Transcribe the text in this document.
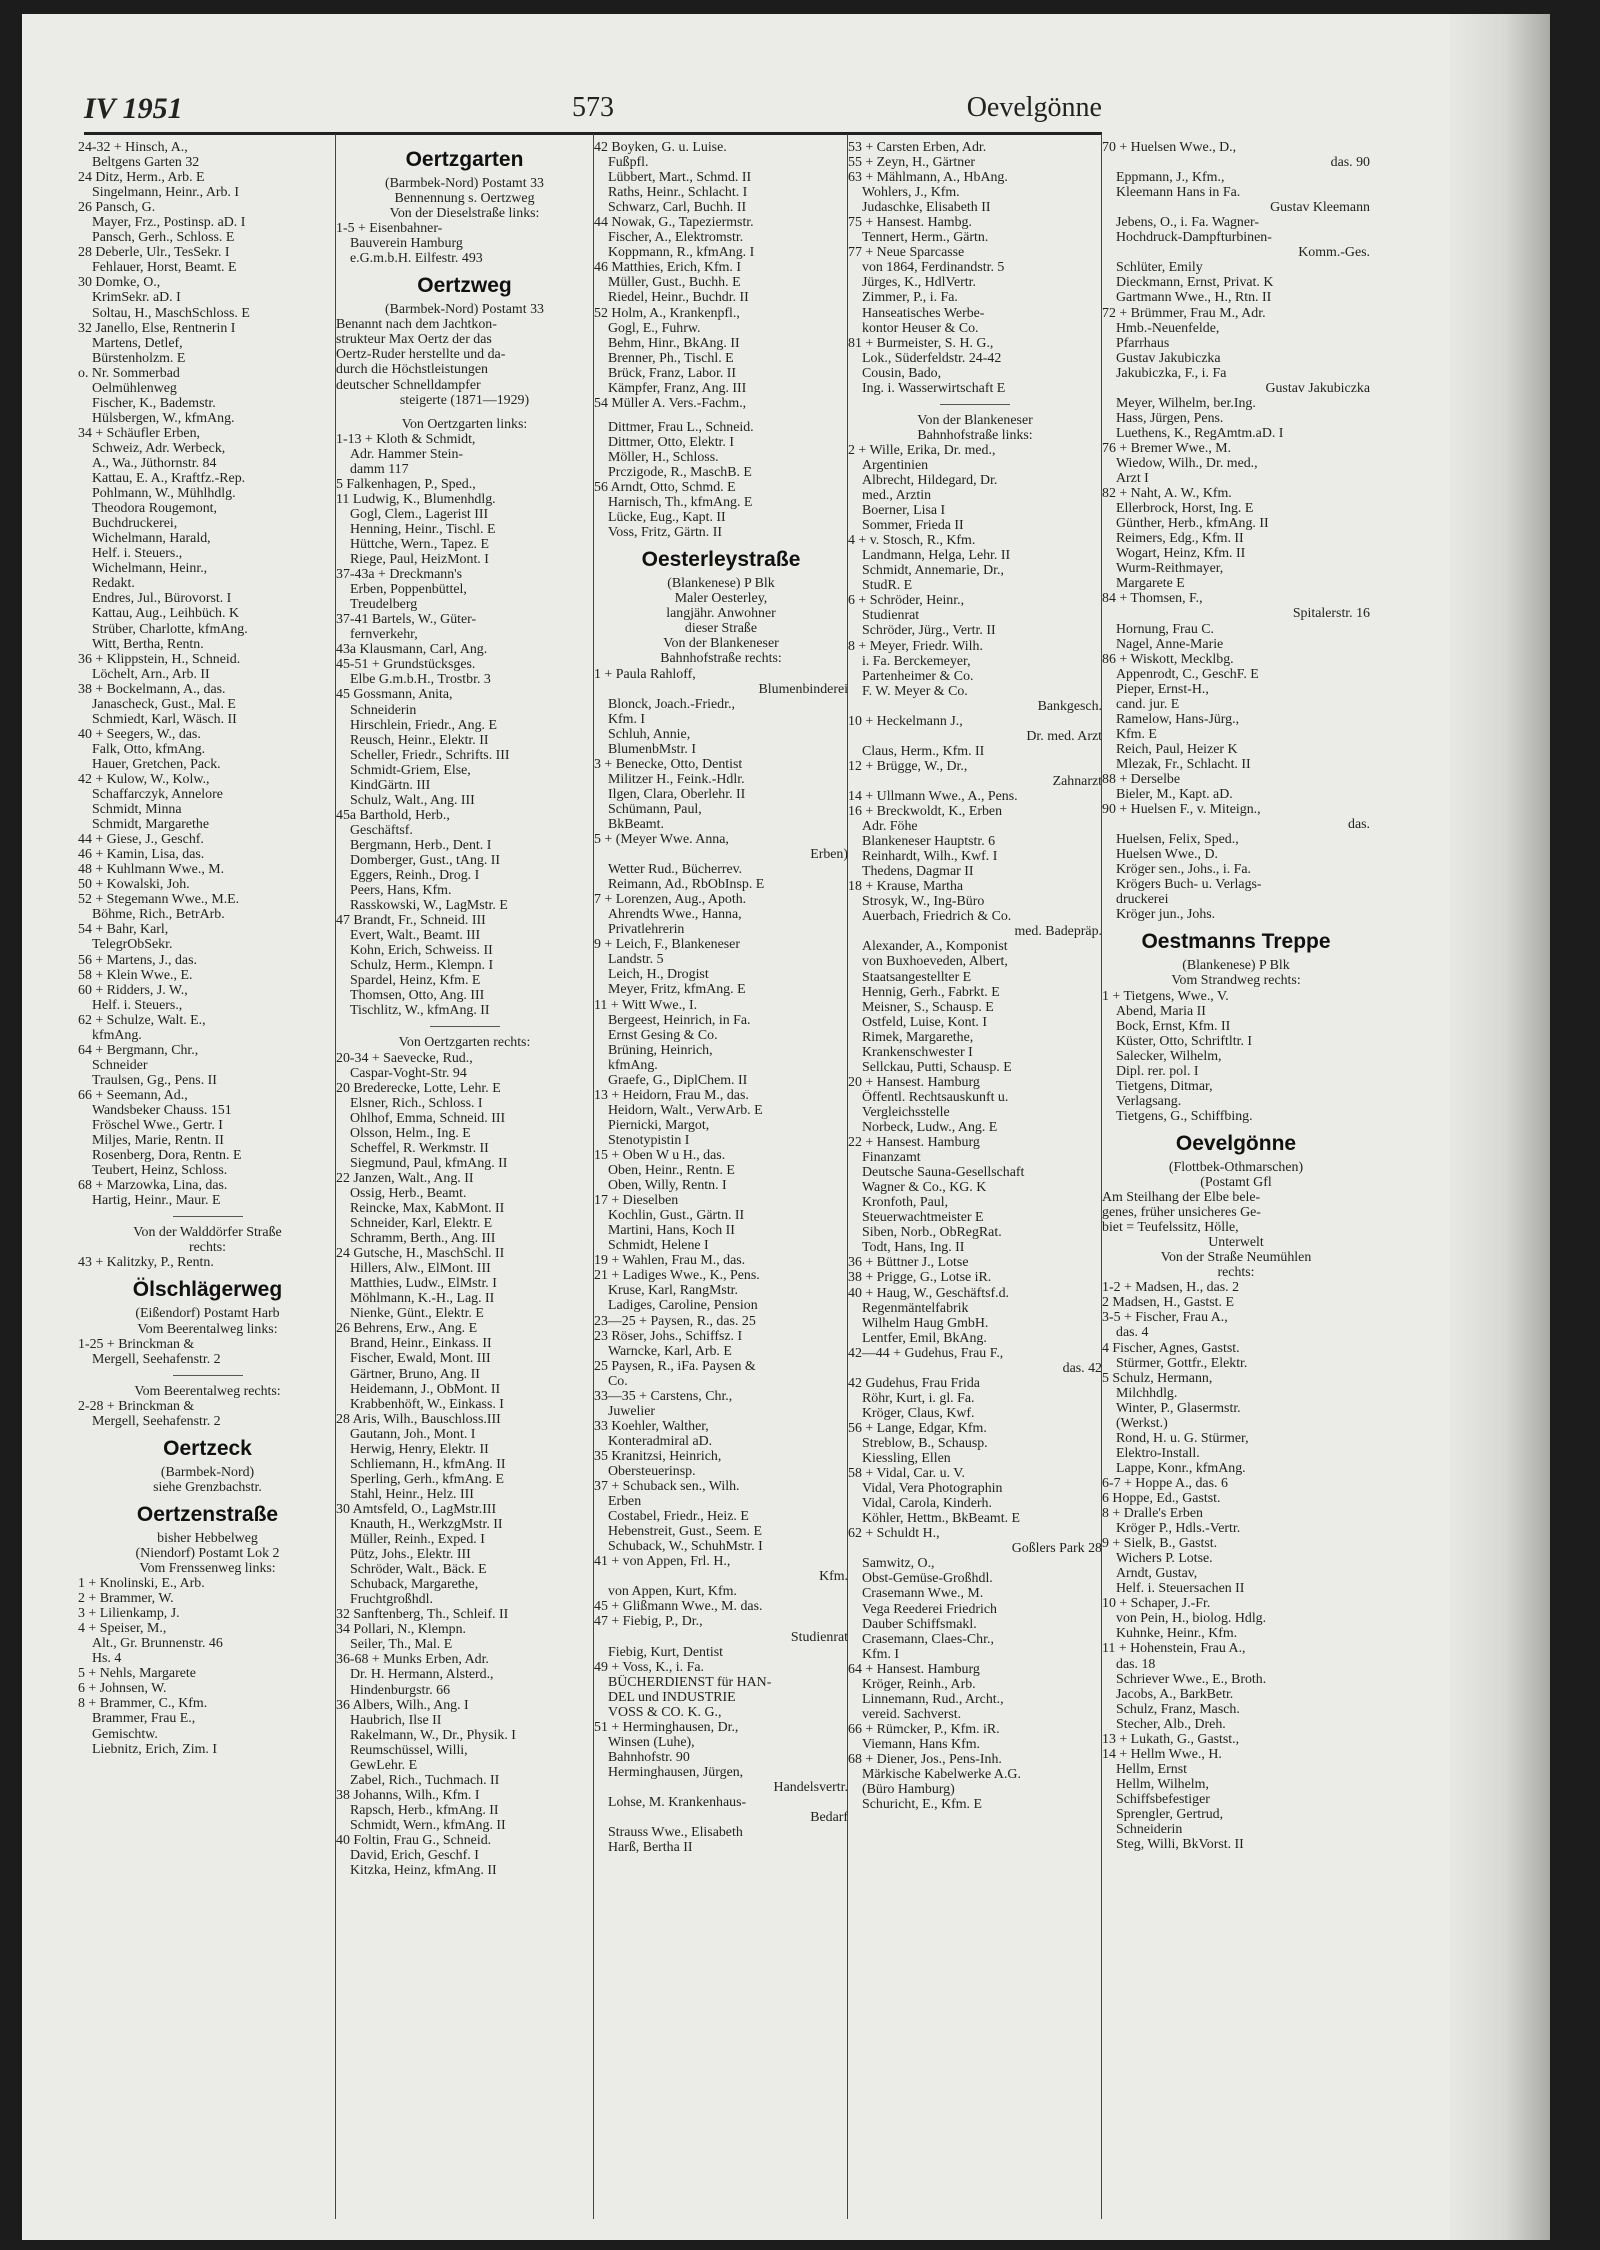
IV 1951	573	Oevelgönne

24-32 + Hinsch, A.,

Beltgens Garten 32

24 Ditz, Herm., Arb. E

Singelmann, Heinr., Arb. I

26 Pansch, G.

Mayer, Frz., Postinsp. aD. I

Pansch, Gerh., Schloss. E

28 Deberle, Ulr., TesSekr. I

Fehlauer, Horst, Beamt. E

30 Domke, O.,

KrimSekr. aD. I

Soltau, H., MaschSchloss. E

32 Janello, Else, Rentnerin I

Martens, Detlef,

Bürstenholzm. E

o. Nr. Sommerbad

Oelmühlenweg

Fischer, K., Bademstr.

Hülsbergen, W., kfmAng.

34 + Schäufler Erben,

Schweiz, Adr. Werbeck,

A., Wa., Jüthornstr. 84

Kattau, E. A., Kraftfz.-Rep.

Pohlmann, W., Mühlhdlg.

Theodora Rougemont,

Buchdruckerei,

Wichelmann, Harald,

Helf. i. Steuers.,

Wichelmann, Heinr.,

Redakt.

Endres, Jul., Bürovorst. I

Kattau, Aug., Leihbüch. K

Strüber, Charlotte, kfmAng.

Witt, Bertha, Rentn.

36 + Klippstein, H., Schneid.

Löchelt, Arn., Arb. II

38 + Bockelmann, A., das.

Janascheck, Gust., Mal. E

Schmiedt, Karl, Wäsch. II

40 + Seegers, W., das.

Falk, Otto, kfmAng.

Hauer, Gretchen, Pack.

42 + Kulow, W., Kolw.,

Schaffarczyk, Annelore

Schmidt, Minna

Schmidt, Margarethe

44 + Giese, J., Geschf.

46 + Kamin, Lisa, das.

48 + Kuhlmann Wwe., M.

50 + Kowalski, Joh.

52 + Stegemann Wwe., M.E.

Böhme, Rich., BetrArb.

54 + Bahr, Karl,

TelegrObSekr.

56 + Martens, J., das.

58 + Klein Wwe., E.

60 + Ridders, J. W.,

Helf. i. Steuers.,

62 + Schulze, Walt. E.,

kfmAng.

64 + Bergmann, Chr.,

Schneider

Traulsen, Gg., Pens. II

66 + Seemann, Ad.,

Wandsbeker Chauss. 151

Fröschel Wwe., Gertr. I

Miljes, Marie, Rentn. II

Rosenberg, Dora, Rentn. E

Teubert, Heinz, Schloss.

68 + Marzowka, Lina, das.

Hartig, Heinr., Maur. E

Von der Walddörfer Straße

rechts:

43 + Kalitzky, P., Rentn.

Ölschlägerweg

(Eißendorf) Postamt Harb

Vom Beerentalweg links:

1-25 + Brinckman &

Mergell, Seehafenstr. 2

Vom Beerentalweg rechts:

2-28 + Brinckman &

Mergell, Seehafenstr. 2

Oertzeck

(Barmbek-Nord)

siehe Grenzbachstr.

Oertzenstraße

bisher Hebbelweg

(Niendorf) Postamt Lok 2

Vom Frenssenweg links:

1 + Knolinski, E., Arb.

2 + Brammer, W.

3 + Lilienkamp, J.

4 + Speiser, M.,

Alt., Gr. Brunnenstr. 46

Hs. 4

5 + Nehls, Margarete

6 + Johnsen, W.

8 + Brammer, C., Kfm.

Brammer, Frau E.,

Gemischtw.

Liebnitz, Erich, Zim. I

Oertzgarten

(Barmbek-Nord) Postamt 33

Bennennung s. Oertzweg

Von der Dieselstraße links:

1-5 + Eisenbahner-

Bauverein Hamburg

e.G.m.b.H. Eilfestr. 493

Oertzweg

(Barmbek-Nord) Postamt 33

Benannt nach dem Jachtkon-

strukteur Max Oertz der das

Oertz-Ruder herstellte und da-

durch die Höchstleistungen

deutscher Schnelldampfer

steigerte (1871—1929)

Von Oertzgarten links:

1-13 + Kloth & Schmidt,

Adr. Hammer Stein-

damm 117

5 Falkenhagen, P., Sped.,

11 Ludwig, K., Blumenhdlg.

Gogl, Clem., Lagerist III

Henning, Heinr., Tischl. E

Hüttche, Wern., Tapez. E

Riege, Paul, HeizMont. I

37-43a + Dreckmann's

Erben, Poppenbüttel,

Treudelberg

37-41 Bartels, W., Güter-

fernverkehr,

43a Klausmann, Carl, Ang.

45-51 + Grundstücksges.

Elbe G.m.b.H., Trostbr. 3

45 Gossmann, Anita,

Schneiderin

Hirschlein, Friedr., Ang. E

Reusch, Heinr., Elektr. II

Scheller, Friedr., Schrifts. III

Schmidt-Griem, Else,

KindGärtn. III

Schulz, Walt., Ang. III

45a Barthold, Herb.,

Geschäftsf.

Bergmann, Herb., Dent. I

Domberger, Gust., tAng. II

Eggers, Reinh., Drog. I

Peers, Hans, Kfm.

Rasskowski, W., LagMstr. E

47 Brandt, Fr., Schneid. III

Evert, Walt., Beamt. III

Kohn, Erich, Schweiss. II

Schulz, Herm., Klempn. I

Spardel, Heinz, Kfm. E

Thomsen, Otto, Ang. III

Tischlitz, W., kfmAng. II

Von Oertzgarten rechts:

20-34 + Saevecke, Rud.,

Caspar-Voght-Str. 94

20 Brederecke, Lotte, Lehr. E

Elsner, Rich., Schloss. I

Ohlhof, Emma, Schneid. III

Olsson, Helm., Ing. E

Scheffel, R. Werkmstr. II

Siegmund, Paul, kfmAng. II

22 Janzen, Walt., Ang. II

Ossig, Herb., Beamt.

Reincke, Max, KabMont. II

Schneider, Karl, Elektr. E

Schramm, Berth., Ang. III

24 Gutsche, H., MaschSchl. II

Hillers, Alw., ElMont. III

Matthies, Ludw., ElMstr. I

Möhlmann, K.-H., Lag. II

Nienke, Günt., Elektr. E

26 Behrens, Erw., Ang. E

Brand, Heinr., Einkass. II

Fischer, Ewald, Mont. III

Gärtner, Bruno, Ang. II

Heidemann, J., ObMont. II

Krabbenhöft, W., Einkass. I

28 Aris, Wilh., Bauschloss.III

Gautann, Joh., Mont. I

Herwig, Henry, Elektr. II

Schliemann, H., kfmAng. II

Sperling, Gerh., kfmAng. E

Stahl, Heinr., Helz. III

30 Amtsfeld, O., LagMstr.III

Knauth, H., WerkzgMstr. II

Müller, Reinh., Exped. I

Pütz, Johs., Elektr. III

Schröder, Walt., Bäck. E

Schuback, Margarethe,

Fruchtgroßhdl.

32 Sanftenberg, Th., Schleif. II

34 Pollari, N., Klempn.

Seiler, Th., Mal. E

36-68 + Munks Erben, Adr.

Dr. H. Hermann, Alsterd.,

Hindenburgstr. 66

36 Albers, Wilh., Ang. I

Haubrich, Ilse II

Rakelmann, W., Dr., Physik. I

Reumschüssel, Willi,

GewLehr. E

Zabel, Rich., Tuchmach. II

38 Johanns, Wilh., Kfm. I

Rapsch, Herb., kfmAng. II

Schmidt, Wern., kfmAng. II

40 Foltin, Frau G., Schneid.

David, Erich, Geschf. I

Kitzka, Heinz, kfmAng. II

42 Boyken, G. u. Luise.

Fußpfl.

Lübbert, Mart., Schmd. II

Raths, Heinr., Schlacht. I

Schwarz, Carl, Buchh. II

44 Nowak, G., Tapeziermstr.

Fischer, A., Elektromstr.

Koppmann, R., kfmAng. I

46 Matthies, Erich, Kfm. I

Müller, Gust., Buchh. E

Riedel, Heinr., Buchdr. II

52 Holm, A., Krankenpfl.,

Gogl, E., Fuhrw.

Behm, Hinr., BkAng. II

Brenner, Ph., Tischl. E

Brück, Franz, Labor. II

Kämpfer, Franz, Ang. III

54 Müller A. Vers.-Fachm.,

Dittmer, Frau L., Schneid.

Dittmer, Otto, Elektr. I

Möller, H., Schloss.

Prczigode, R., MaschB. E

56 Arndt, Otto, Schmd. E

Harnisch, Th., kfmAng. E

Lücke, Eug., Kapt. II

Voss, Fritz, Gärtn. II

Oesterleystraße

(Blankenese) P Blk

Maler Oesterley,

langjähr. Anwohner

dieser Straße

Von der Blankeneser

Bahnhofstraße rechts:

1 + Paula Rahloff,

Blumenbinderei

Blonck, Joach.-Friedr.,

Kfm. I

Schluh, Annie,

BlumenbMstr. I

3 + Benecke, Otto, Dentist

Militzer H., Feink.-Hdlr.

Ilgen, Clara, Oberlehr. II

Schümann, Paul,

BkBeamt.

5 + (Meyer Wwe. Anna,

Erben)

Wetter Rud., Bücherrev.

Reimann, Ad., RbObInsp. E

7 + Lorenzen, Aug., Apoth.

Ahrendts Wwe., Hanna,

Privatlehrerin

9 + Leich, F., Blankeneser

Landstr. 5

Leich, H., Drogist

Meyer, Fritz, kfmAng. E

11 + Witt Wwe., I.

Bergeest, Heinrich, in Fa.

Ernst Gesing & Co.

Brüning, Heinrich,

kfmAng.

Graefe, G., DiplChem. II

13 + Heidorn, Frau M., das.

Heidorn, Walt., VerwArb. E

Piernicki, Margot,

Stenotypistin I

15 + Oben W u H., das.

Oben, Heinr., Rentn. E

Oben, Willy, Rentn. I

17 + Dieselben

Kochlin, Gust., Gärtn. II

Martini, Hans, Koch II

Schmidt, Helene I

19 + Wahlen, Frau M., das.

21 + Ladiges Wwe., K., Pens.

Kruse, Karl, RangMstr.

Ladiges, Caroline, Pension

23—25 + Paysen, R., das. 25

23 Röser, Johs., Schiffsz. I

Warncke, Karl, Arb. E

25 Paysen, R., iFa. Paysen &

Co.

33—35 + Carstens, Chr.,

Juwelier

33 Koehler, Walther,

Konteradmiral aD.

35 Kranitzsi, Heinrich,

Obersteuerinsp.

37 + Schuback sen., Wilh.

Erben

Costabel, Friedr., Heiz. E

Hebenstreit, Gust., Seem. E

Schuback, W., SchuhMstr. I

41 + von Appen, Frl. H.,

Kfm.

von Appen, Kurt, Kfm.

45 + Glißmann Wwe., M. das.

47 + Fiebig, P., Dr.,

Studienrat

Fiebig, Kurt, Dentist

49 + Voss, K., i. Fa.

BÜCHERDIENST für HAN-

DEL und INDUSTRIE

VOSS & CO. K. G.,

51 + Herminghausen, Dr.,

Winsen (Luhe),

Bahnhofstr. 90

Herminghausen, Jürgen,

Handelsvertr.

Lohse, M. Krankenhaus-

Bedarf

Strauss Wwe., Elisabeth

Harß, Bertha II

53 + Carsten Erben, Adr.

55 + Zeyn, H., Gärtner

63 + Mählmann, A., HbAng.

Wohlers, J., Kfm.

Judaschke, Elisabeth II

75 + Hansest. Hambg.

Tennert, Herm., Gärtn.

77 + Neue Sparcasse

von 1864, Ferdinandstr. 5

Jürges, K., HdlVertr.

Zimmer, P., i. Fa.

Hanseatisches Werbe-

kontor Heuser & Co.

81 + Burmeister, S. H. G.,

Lok., Süderfeldstr. 24-42

Cousin, Bado,

Ing. i. Wasserwirtschaft E

Von der Blankeneser

Bahnhofstraße links:

2 + Wille, Erika, Dr. med.,

Argentinien

Albrecht, Hildegard, Dr.

med., Arztin

Boerner, Lisa I

Sommer, Frieda II

4 + v. Stosch, R., Kfm.

Landmann, Helga, Lehr. II

Schmidt, Annemarie, Dr.,

StudR. E

6 + Schröder, Heinr.,

Studienrat

Schröder, Jürg., Vertr. II

8 + Meyer, Friedr. Wilh.

i. Fa. Berckemeyer,

Partenheimer & Co.

F. W. Meyer & Co.

Bankgesch.

10 + Heckelmann J.,

Dr. med. Arzt

Claus, Herm., Kfm. II

12 + Brügge, W., Dr.,

Zahnarzt

14 + Ullmann Wwe., A., Pens.

16 + Breckwoldt, K., Erben

Adr. Föhe

Blankeneser Hauptstr. 6

Reinhardt, Wilh., Kwf. I

Thedens, Dagmar II

18 + Krause, Martha

Strosyk, W., Ing-Büro

Auerbach, Friedrich & Co.

med. Badepräp.

Alexander, A., Komponist

von Buxhoeveden, Albert,

Staatsangestellter E

Hennig, Gerh., Fabrkt. E

Meisner, S., Schausp. E

Ostfeld, Luise, Kont. I

Rimek, Margarethe,

Krankenschwester I

Sellckau, Putti, Schausp. E

20 + Hansest. Hamburg

Öffentl. Rechtsauskunft u.

Vergleichsstelle

Norbeck, Ludw., Ang. E

22 + Hansest. Hamburg

Finanzamt

Deutsche Sauna-Gesellschaft

Wagner & Co., KG. K

Kronfoth, Paul,

Steuerwachtmeister E

Siben, Norb., ObRegRat.

Todt, Hans, Ing. II

36 + Büttner J., Lotse

38 + Prigge, G., Lotse iR.

40 + Haug, W., Geschäftsf.d.

Regenmäntelfabrik

Wilhelm Haug GmbH.

Lentfer, Emil, BkAng.

42—44 + Gudehus, Frau F.,

das. 42

42 Gudehus, Frau Frida

Röhr, Kurt, i. gl. Fa.

Kröger, Claus, Kwf.

56 + Lange, Edgar, Kfm.

Streblow, B., Schausp.

Kiessling, Ellen

58 + Vidal, Car. u. V.

Vidal, Vera Photographin

Vidal, Carola, Kinderh.

Köhler, Hettm., BkBeamt. E

62 + Schuldt H.,

Goßlers Park 28

Samwitz, O.,

Obst-Gemüse-Großhdl.

Crasemann Wwe., M.

Vega Reederei Friedrich

Dauber Schiffsmakl.

Crasemann, Claes-Chr.,

Kfm. I

64 + Hansest. Hamburg

Kröger, Reinh., Arb.

Linnemann, Rud., Archt.,

vereid. Sachverst.

66 + Rümcker, P., Kfm. iR.

Viemann, Hans Kfm.

68 + Diener, Jos., Pens-Inh.

Märkische Kabelwerke A.G.

(Büro Hamburg)

Schuricht, E., Kfm. E

70 + Huelsen Wwe., D.,

das. 90

Eppmann, J., Kfm.,

Kleemann Hans in Fa.

Gustav Kleemann

Jebens, O., i. Fa. Wagner-

Hochdruck-Dampfturbinen-

Komm.-Ges.

Schlüter, Emily

Dieckmann, Ernst, Privat. K

Gartmann Wwe., H., Rtn. II

72 + Brümmer, Frau M., Adr.

Hmb.-Neuenfelde,

Pfarrhaus

Gustav Jakubiczka

Jakubiczka, F., i. Fa

Gustav Jakubiczka

Meyer, Wilhelm, ber.Ing.

Hass, Jürgen, Pens.

Luethens, K., RegAmtm.aD. I

76 + Bremer Wwe., M.

Wiedow, Wilh., Dr. med.,

Arzt I

82 + Naht, A. W., Kfm.

Ellerbrock, Horst, Ing. E

Günther, Herb., kfmAng. II

Reimers, Edg., Kfm. II

Wogart, Heinz, Kfm. II

Wurm-Reithmayer,

Margarete E

84 + Thomsen, F.,

Spitalerstr. 16

Hornung, Frau C.

Nagel, Anne-Marie

86 + Wiskott, Mecklbg.

Appenrodt, C., GeschF. E

Pieper, Ernst-H.,

cand. jur. E

Ramelow, Hans-Jürg.,

Kfm. E

Reich, Paul, Heizer K

Mlezak, Fr., Schlacht. II

88 + Derselbe

Bieler, M., Kapt. aD.

90 + Huelsen F., v. Miteign.,

das.

Huelsen, Felix, Sped.,

Huelsen Wwe., D.

Kröger sen., Johs., i. Fa.

Krögers Buch- u. Verlags-

druckerei

Kröger jun., Johs.

Oestmanns Treppe

(Blankenese) P Blk

Vom Strandweg rechts:

1 + Tietgens, Wwe., V.

Abend, Maria II

Bock, Ernst, Kfm. II

Küster, Otto, Schriftltr. I

Salecker, Wilhelm,

Dipl. rer. pol. I

Tietgens, Ditmar,

Verlagsang.

Tietgens, G., Schiffbing.

Oevelgönne

(Flottbek-Othmarschen)

(Postamt Gfl

Am Steilhang der Elbe bele-

genes, früher unsicheres Ge-

biet = Teufelssitz, Hölle,

Unterwelt

Von der Straße Neumühlen

rechts:

1-2 + Madsen, H., das. 2

2 Madsen, H., Gastst. E

3-5 + Fischer, Frau A.,

das. 4

4 Fischer, Agnes, Gastst.

Stürmer, Gottfr., Elektr.

5 Schulz, Hermann,

Milchhdlg.

Winter, P., Glasermstr.

(Werkst.)

Rond, H. u. G. Stürmer,

Elektro-Install.

Lappe, Konr., kfmAng.

6-7 + Hoppe A., das. 6

6 Hoppe, Ed., Gastst.

8 + Dralle's Erben

Kröger P., Hdls.-Vertr.

9 + Sielk, B., Gastst.

Wichers P. Lotse.

Arndt, Gustav,

Helf. i. Steuersachen II

10 + Schaper, J.-Fr.

von Pein, H., biolog. Hdlg.

Kuhnke, Heinr., Kfm.

11 + Hohenstein, Frau A.,

das. 18

Schriever Wwe., E., Broth.

Jacobs, A., BarkBetr.

Schulz, Franz, Masch.

Stecher, Alb., Dreh.

13 + Lukath, G., Gastst.,

14 + Hellm Wwe., H.

Hellm, Ernst

Hellm, Wilhelm,

Schiffsbefestiger

Sprengler, Gertrud,

Schneiderin

Steg, Willi, BkVorst. II
